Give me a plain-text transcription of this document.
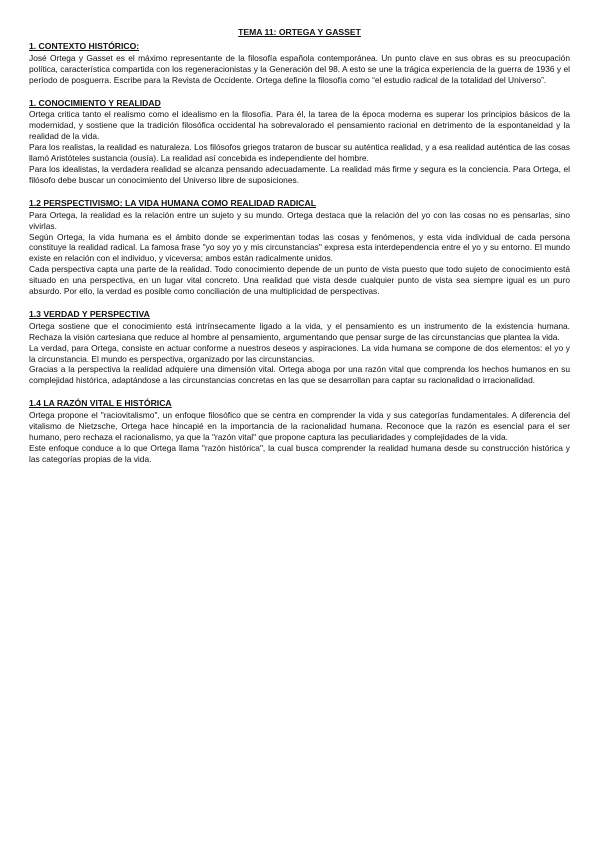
TEMA 11: ORTEGA Y GASSET
1. CONTEXTO HISTÓRICO:

José Ortega y Gasset es el máximo representante de la filosofía española contemporánea. Un punto clave en sus obras es su preocupación política, característica compartida con los regeneracionistas y la Generación del 98. A esto se une la trágica experiencia de la guerra de 1936 y el período de posguerra. Escribe para la Revista de Occidente. Ortega define la filosofía como “el estudio radical de la totalidad del Universo”.

1. CONOCIMIENTO Y REALIDAD

Ortega critica tanto el realismo como el idealismo en la filosofía. Para él, la tarea de la época moderna es superar los principios básicos de la modernidad, y sostiene que la tradición filosófica occidental ha sobrevalorado el pensamiento racional en detrimento de la espontaneidad y la realidad de la vida.

Para los realistas, la realidad es naturaleza. Los filósofos griegos trataron de buscar su auténtica realidad, y a esa realidad auténtica de las cosas llamó Aristóteles sustancia (ousía). La realidad así concebida es independiente del hombre.

Para los idealistas, la verdadera realidad se alcanza pensando adecuadamente. La realidad más firme y segura es la conciencia. Para Ortega, el filósofo debe buscar un conocimiento del Universo libre de suposiciones.

1.2 PERSPECTIVISMO: LA VIDA HUMANA COMO REALIDAD RADICAL

Para Ortega, la realidad es la relación entre un sujeto y su mundo. Ortega destaca que la relación del yo con las cosas no es pensarlas, sino vivirlas.

Según Ortega, la vida humana es el ámbito donde se experimentan todas las cosas y fenómenos, y esta vida individual de cada persona constituye la realidad radical. La famosa frase "yo soy yo y mis circunstancias" expresa esta interdependencia entre el yo y su entorno. El mundo existe en relación con el individuo, y viceversa; ambos están radicalmente unidos.

Cada perspectiva capta una parte de la realidad. Todo conocimiento depende de un punto de vista puesto que todo sujeto de conocimiento está situado en una perspectiva, en un lugar vital concreto. Una realidad que vista desde cualquier punto de vista sea siempre igual es un puro absurdo. Por ello, la verdad es posible como conciliación de una multiplicidad de perspectivas.

1.3 VERDAD Y PERSPECTIVA

Ortega sostiene que el conocimiento está intrínsecamente ligado a la vida, y el pensamiento es un instrumento de la existencia humana. Rechaza la visión cartesiana que reduce al hombre al pensamiento, argumentando que pensar surge de las circunstancias que plantea la vida.

La verdad, para Ortega, consiste en actuar conforme a nuestros deseos y aspiraciones. La vida humana se compone de dos elementos: el yo y la circunstancia. El mundo es perspectiva, organizado por las circunstancias.

Gracias a la perspectiva la realidad adquiere una dimensión vital. Ortega aboga por una razón vital que comprenda los hechos humanos en su complejidad histórica, adaptándose a las circunstancias concretas en las que se desarrollan para captar su racionalidad o irracionalidad.

1.4 LA RAZÓN VITAL E HISTÓRICA

Ortega propone el "raciovitalismo", un enfoque filosófico que se centra en comprender la vida y sus categorías fundamentales. A diferencia del vitalismo de Nietzsche, Ortega hace hincapié en la importancia de la racionalidad humana. Reconoce que la razón es esencial para el ser humano, pero rechaza el racionalismo, ya que la "razón vital" que propone captura las peculiaridades y complejidades de la vida.

Este enfoque conduce a lo que Ortega llama "razón histórica", la cual busca comprender la realidad humana desde su construcción histórica y las categorías propias de la vida.
